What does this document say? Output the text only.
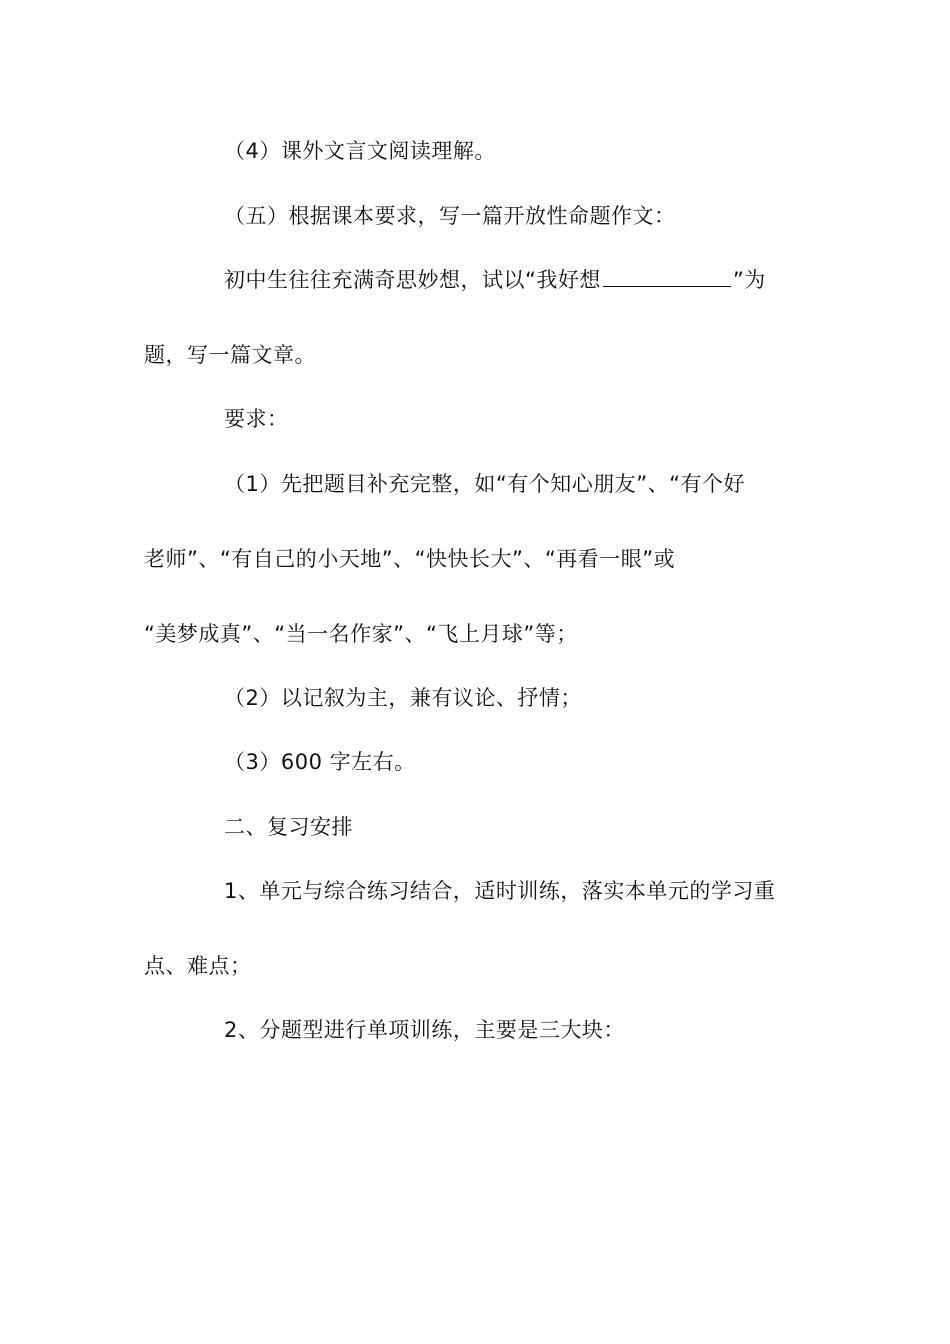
（4）课外文言文阅读理解。
（五）根据课本要求，写一篇开放性命题作文：
初中生往往充满奇思妙想，试以“我好想	”为
题，写一篇文章。
要求：
（1）先把题目补充完整，如“有个知心朋友”、“有个好
老师”、“有自己的小天地”、“快快长大”、“再看一眼”或
“美梦成真”、“当一名作家”、“飞上月球”等；
（2）以记叙为主，兼有议论、抒情；
（3）600 字左右。
二、复习安排
1、单元与综合练习结合，适时训练，落实本单元的学习重
点、难点；
2、分题型进行单项训练，主要是三大块：
